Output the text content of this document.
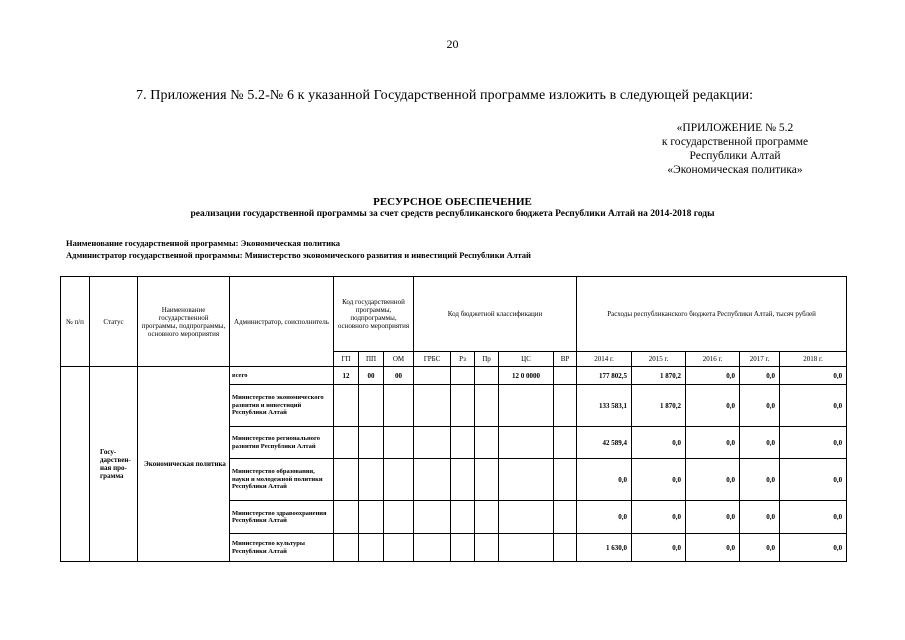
20
7. Приложения № 5.2-№ 6 к указанной Государственной программе изложить в следующей редакции:
«ПРИЛОЖЕНИЕ № 5.2
к государственной программе
Республики Алтай
«Экономическая политика»
РЕСУРСНОЕ ОБЕСПЕЧЕНИЕ
реализации государственной программы за счет средств республиканского бюджета Республики Алтай на 2014-2018 годы
Наименование государственной программы: Экономическая политика
Администратор государственной программы: Министерство экономического развития и инвестиций Республики Алтай
№ п/п	Статус	Наименование государственной программы, подпрограммы, основного мероприятия	Администратор, соисполнитель	Код государственной программы, подпрограммы, основного мероприятия			Код бюджетной классификации					Расходы республиканского бюджета Республики Алтай, тысяч рублей				
				ГП	ПП	ОМ	ГРБС	Рз	Пр	ЦС	ВР	2014 г.	2015 г.	2016 г.	2017 г.	2018 г.
	Госу-дарствен-ная про-грамма	Экономическая политика	всего	12	00	00				12 0 0000		177 802,5	1 870,2	0,0	0,0	0,0
			Министерство экономического развития и инвестиций Республики Алтай									133 583,1	1 870,2	0,0	0,0	0,0
			Министерство регионального развития Республики Алтай									42 589,4	0,0	0,0	0,0	0,0
			Министерство образования, науки и молодежной политики Республики Алтай									0,0	0,0	0,0	0,0	0,0
			Министерство здравоохранения Республики Алтай									0,0	0,0	0,0	0,0	0,0
			Министерство культуры Республики Алтай									1 630,0	0,0	0,0	0,0	0,0
